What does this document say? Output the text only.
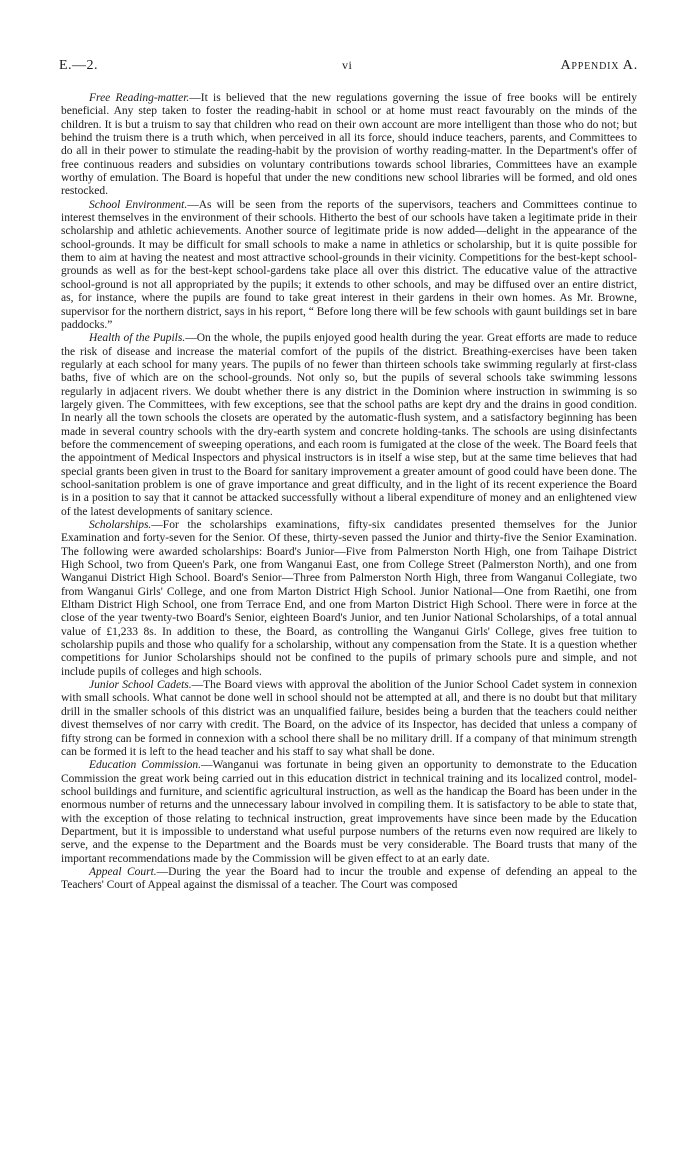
E.—2.	vi	Appendix A.

Free Reading-matter.—It is believed that the new regulations governing the issue of free books will be entirely beneficial. Any step taken to foster the reading-habit in school or at home must react favourably on the minds of the children. It is but a truism to say that children who read on their own account are more intelligent than those who do not; but behind the truism there is a truth which, when perceived in all its force, should induce teachers, parents, and Committees to do all in their power to stimulate the reading-habit by the provision of worthy reading-matter. In the Department's offer of free continuous readers and subsidies on voluntary contributions towards school libraries, Committees have an example worthy of emulation. The Board is hopeful that under the new conditions new school libraries will be formed, and old ones restocked.

School Environment.—As will be seen from the reports of the supervisors, teachers and Committees continue to interest themselves in the environment of their schools. Hitherto the best of our schools have taken a legitimate pride in their scholarship and athletic achievements. Another source of legitimate pride is now added—delight in the appearance of the school-grounds. It may be difficult for small schools to make a name in athletics or scholarship, but it is quite possible for them to aim at having the neatest and most attractive school-grounds in their vicinity. Competitions for the best-kept school-grounds as well as for the best-kept school-gardens take place all over this district. The educative value of the attractive school-ground is not all appropriated by the pupils; it extends to other schools, and may be diffused over an entire district, as, for instance, where the pupils are found to take great interest in their gardens in their own homes. As Mr. Browne, supervisor for the northern district, says in his report, “ Before long there will be few schools with gaunt buildings set in bare paddocks.”

Health of the Pupils.—On the whole, the pupils enjoyed good health during the year. Great efforts are made to reduce the risk of disease and increase the material comfort of the pupils of the district. Breathing-exercises have been taken regularly at each school for many years. The pupils of no fewer than thirteen schools take swimming regularly at first-class baths, five of which are on the school-grounds. Not only so, but the pupils of several schools take swimming lessons regularly in adjacent rivers. We doubt whether there is any district in the Dominion where instruction in swimming is so largely given. The Committees, with few exceptions, see that the school paths are kept dry and the drains in good condition. In nearly all the town schools the closets are operated by the automatic-flush system, and a satisfactory beginning has been made in several country schools with the dry-earth system and concrete holding-tanks. The schools are using disinfectants before the commencement of sweeping operations, and each room is fumigated at the close of the week. The Board feels that the appointment of Medical Inspectors and physical instructors is in itself a wise step, but at the same time believes that had special grants been given in trust to the Board for sanitary improvement a greater amount of good could have been done. The school-sanitation problem is one of grave importance and great difficulty, and in the light of its recent experience the Board is in a position to say that it cannot be attacked successfully without a liberal expenditure of money and an enlightened view of the latest developments of sanitary science.

Scholarships.—For the scholarships examinations, fifty-six candidates presented themselves for the Junior Examination and forty-seven for the Senior. Of these, thirty-seven passed the Junior and thirty-five the Senior Examination. The following were awarded scholarships: Board's Junior—Five from Palmerston North High, one from Taihape District High School, two from Queen's Park, one from Wanganui East, one from College Street (Palmerston North), and one from Wanganui District High School. Board's Senior—Three from Palmerston North High, three from Wanganui Collegiate, two from Wanganui Girls' College, and one from Marton District High School. Junior National—One from Raetihi, one from Eltham District High School, one from Terrace End, and one from Marton District High School. There were in force at the close of the year twenty-two Board's Senior, eighteen Board's Junior, and ten Junior National Scholarships, of a total annual value of £1,233 8s. In addition to these, the Board, as controlling the Wanganui Girls' College, gives free tuition to scholarship pupils and those who qualify for a scholarship, without any compensation from the State. It is a question whether competitions for Junior Scholarships should not be confined to the pupils of primary schools pure and simple, and not include pupils of colleges and high schools.

Junior School Cadets.—The Board views with approval the abolition of the Junior School Cadet system in connexion with small schools. What cannot be done well in school should not be attempted at all, and there is no doubt but that military drill in the smaller schools of this district was an unqualified failure, besides being a burden that the teachers could neither divest themselves of nor carry with credit. The Board, on the advice of its Inspector, has decided that unless a company of fifty strong can be formed in connexion with a school there shall be no military drill. If a company of that minimum strength can be formed it is left to the head teacher and his staff to say what shall be done.

Education Commission.—Wanganui was fortunate in being given an opportunity to demonstrate to the Education Commission the great work being carried out in this education district in technical training and its localized control, model-school buildings and furniture, and scientific agricultural instruction, as well as the handicap the Board has been under in the enormous number of returns and the unnecessary labour involved in compiling them. It is satisfactory to be able to state that, with the exception of those relating to technical instruction, great improvements have since been made by the Education Department, but it is impossible to understand what useful purpose numbers of the returns even now required are likely to serve, and the expense to the Department and the Boards must be very considerable. The Board trusts that many of the important recommendations made by the Commission will be given effect to at an early date.

Appeal Court.—During the year the Board had to incur the trouble and expense of defending an appeal to the Teachers' Court of Appeal against the dismissal of a teacher. The Court was composed
